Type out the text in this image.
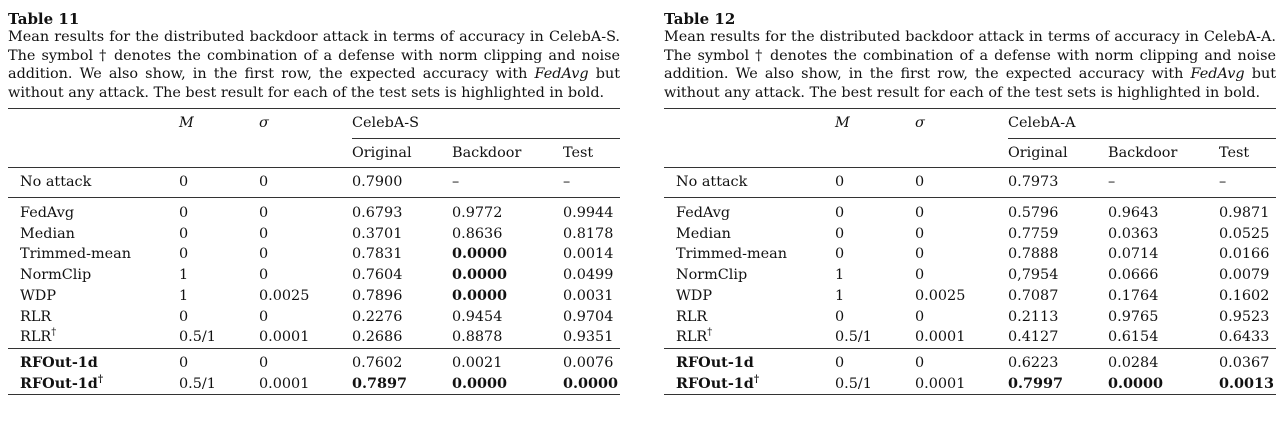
Table 11
Mean results for the distributed backdoor attack in terms of accuracy in CelebA-S. The symbol † denotes the combination of a defense with norm clipping and noise addition. We also show, in the first row, the expected accuracy with FedAvg but without any attack. The best result for each of the test sets is highlighted in bold.
	M	σ	CelebA-S		
			Original	Backdoor	Test
No attack	0	0	0.7900	–	–
FedAvg	0	0	0.6793	0.9772	0.9944
Median	0	0	0.3701	0.8636	0.8178
Trimmed-mean	0	0	0.7831	0.0000	0.0014
NormClip	1	0	0.7604	0.0000	0.0499
WDP	1	0.0025	0.7896	0.0000	0.0031
RLR	0	0	0.2276	0.9454	0.9704
RLR†	0.5/1	0.0001	0.2686	0.8878	0.9351
RFOut-1d	0	0	0.7602	0.0021	0.0076
RFOut-1d†	0.5/1	0.0001	0.7897	0.0000	0.0000
Table 12
Mean results for the distributed backdoor attack in terms of accuracy in CelebA-A. The symbol † denotes the combination of a defense with norm clipping and noise addition. We also show, in the first row, the expected accuracy with FedAvg but without any attack. The best result for each of the test sets is highlighted in bold.
	M	σ	CelebA-A		
			Original	Backdoor	Test
No attack	0	0	0.7973	–	–
FedAvg	0	0	0.5796	0.9643	0.9871
Median	0	0	0.7759	0.0363	0.0525
Trimmed-mean	0	0	0.7888	0.0714	0.0166
NormClip	1	0	0,7954	0.0666	0.0079
WDP	1	0.0025	0.7087	0.1764	0.1602
RLR	0	0	0.2113	0.9765	0.9523
RLR†	0.5/1	0.0001	0.4127	0.6154	0.6433
RFOut-1d	0	0	0.6223	0.0284	0.0367
RFOut-1d†	0.5/1	0.0001	0.7997	0.0000	0.0013
